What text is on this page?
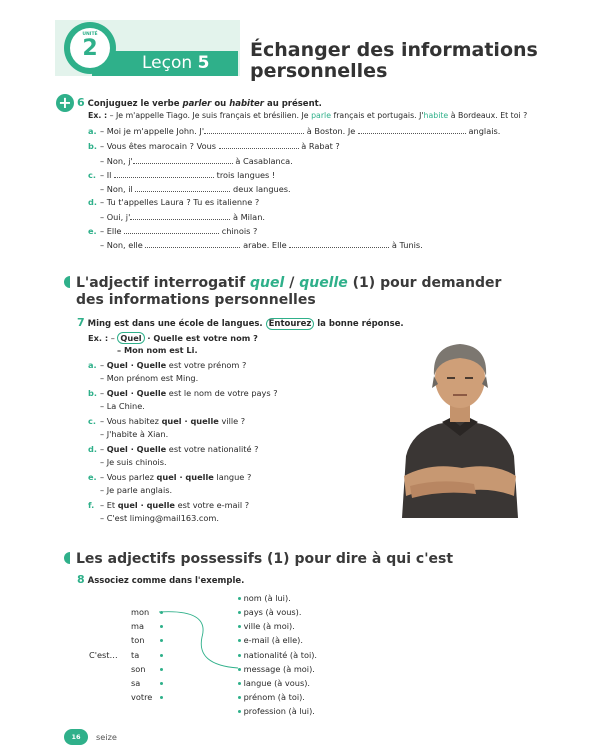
UNITÉ
2
Leçon 5
Échanger des informations
personnelles
+ 6 Conjuguez le verbe parler ou habiter au présent.
Ex. : – Je m'appelle Tiago. Je suis français et brésilien. Je parle français et portugais. J'habite à Bordeaux. Et toi ?
a. – Moi je m'appelle John. J'	à Boston. Je	anglais.
b. – Vous êtes marocain ? Vous	à Rabat ?
– Non, j'	à Casablanca.
c. – Il	trois langues !
– Non, il	deux langues.
d. – Tu t'appelles Laura ? Tu es italienne ?
– Oui, j'	à Milan.
e. – Elle	chinois ?
– Non, elle	arabe. Elle	à Tunis.
L'adjectif interrogatif quel / quelle (1) pour demander
des informations personnelles
7 Ming est dans une école de langues. Entourez la bonne réponse.
Ex. : – Quel · Quelle est votre nom ?
– Mon nom est Li.
a. – Quel · Quelle est votre prénom ?
– Mon prénom est Ming.
b. – Quel · Quelle est le nom de votre pays ?
– La Chine.
c. – Vous habitez quel · quelle ville ?
– J'habite à Xian.
d. – Quel · Quelle est votre nationalité ?
– Je suis chinois.
e. – Vous parlez quel · quelle langue ?
– Je parle anglais.
f. – Et quel · quelle est votre e-mail ?
– C'est liming@mail163.com.
Les adjectifs possessifs (1) pour dire à qui c'est
8 Associez comme dans l'exemple.
C'est…
mon
ma
ton
ta
son
sa
votre
nom (à lui).
pays (à vous).
ville (à moi).
e-mail (à elle).
nationalité (à toi).
message (à moi).
langue (à vous).
prénom (à toi).
profession (à lui).
16	seize
